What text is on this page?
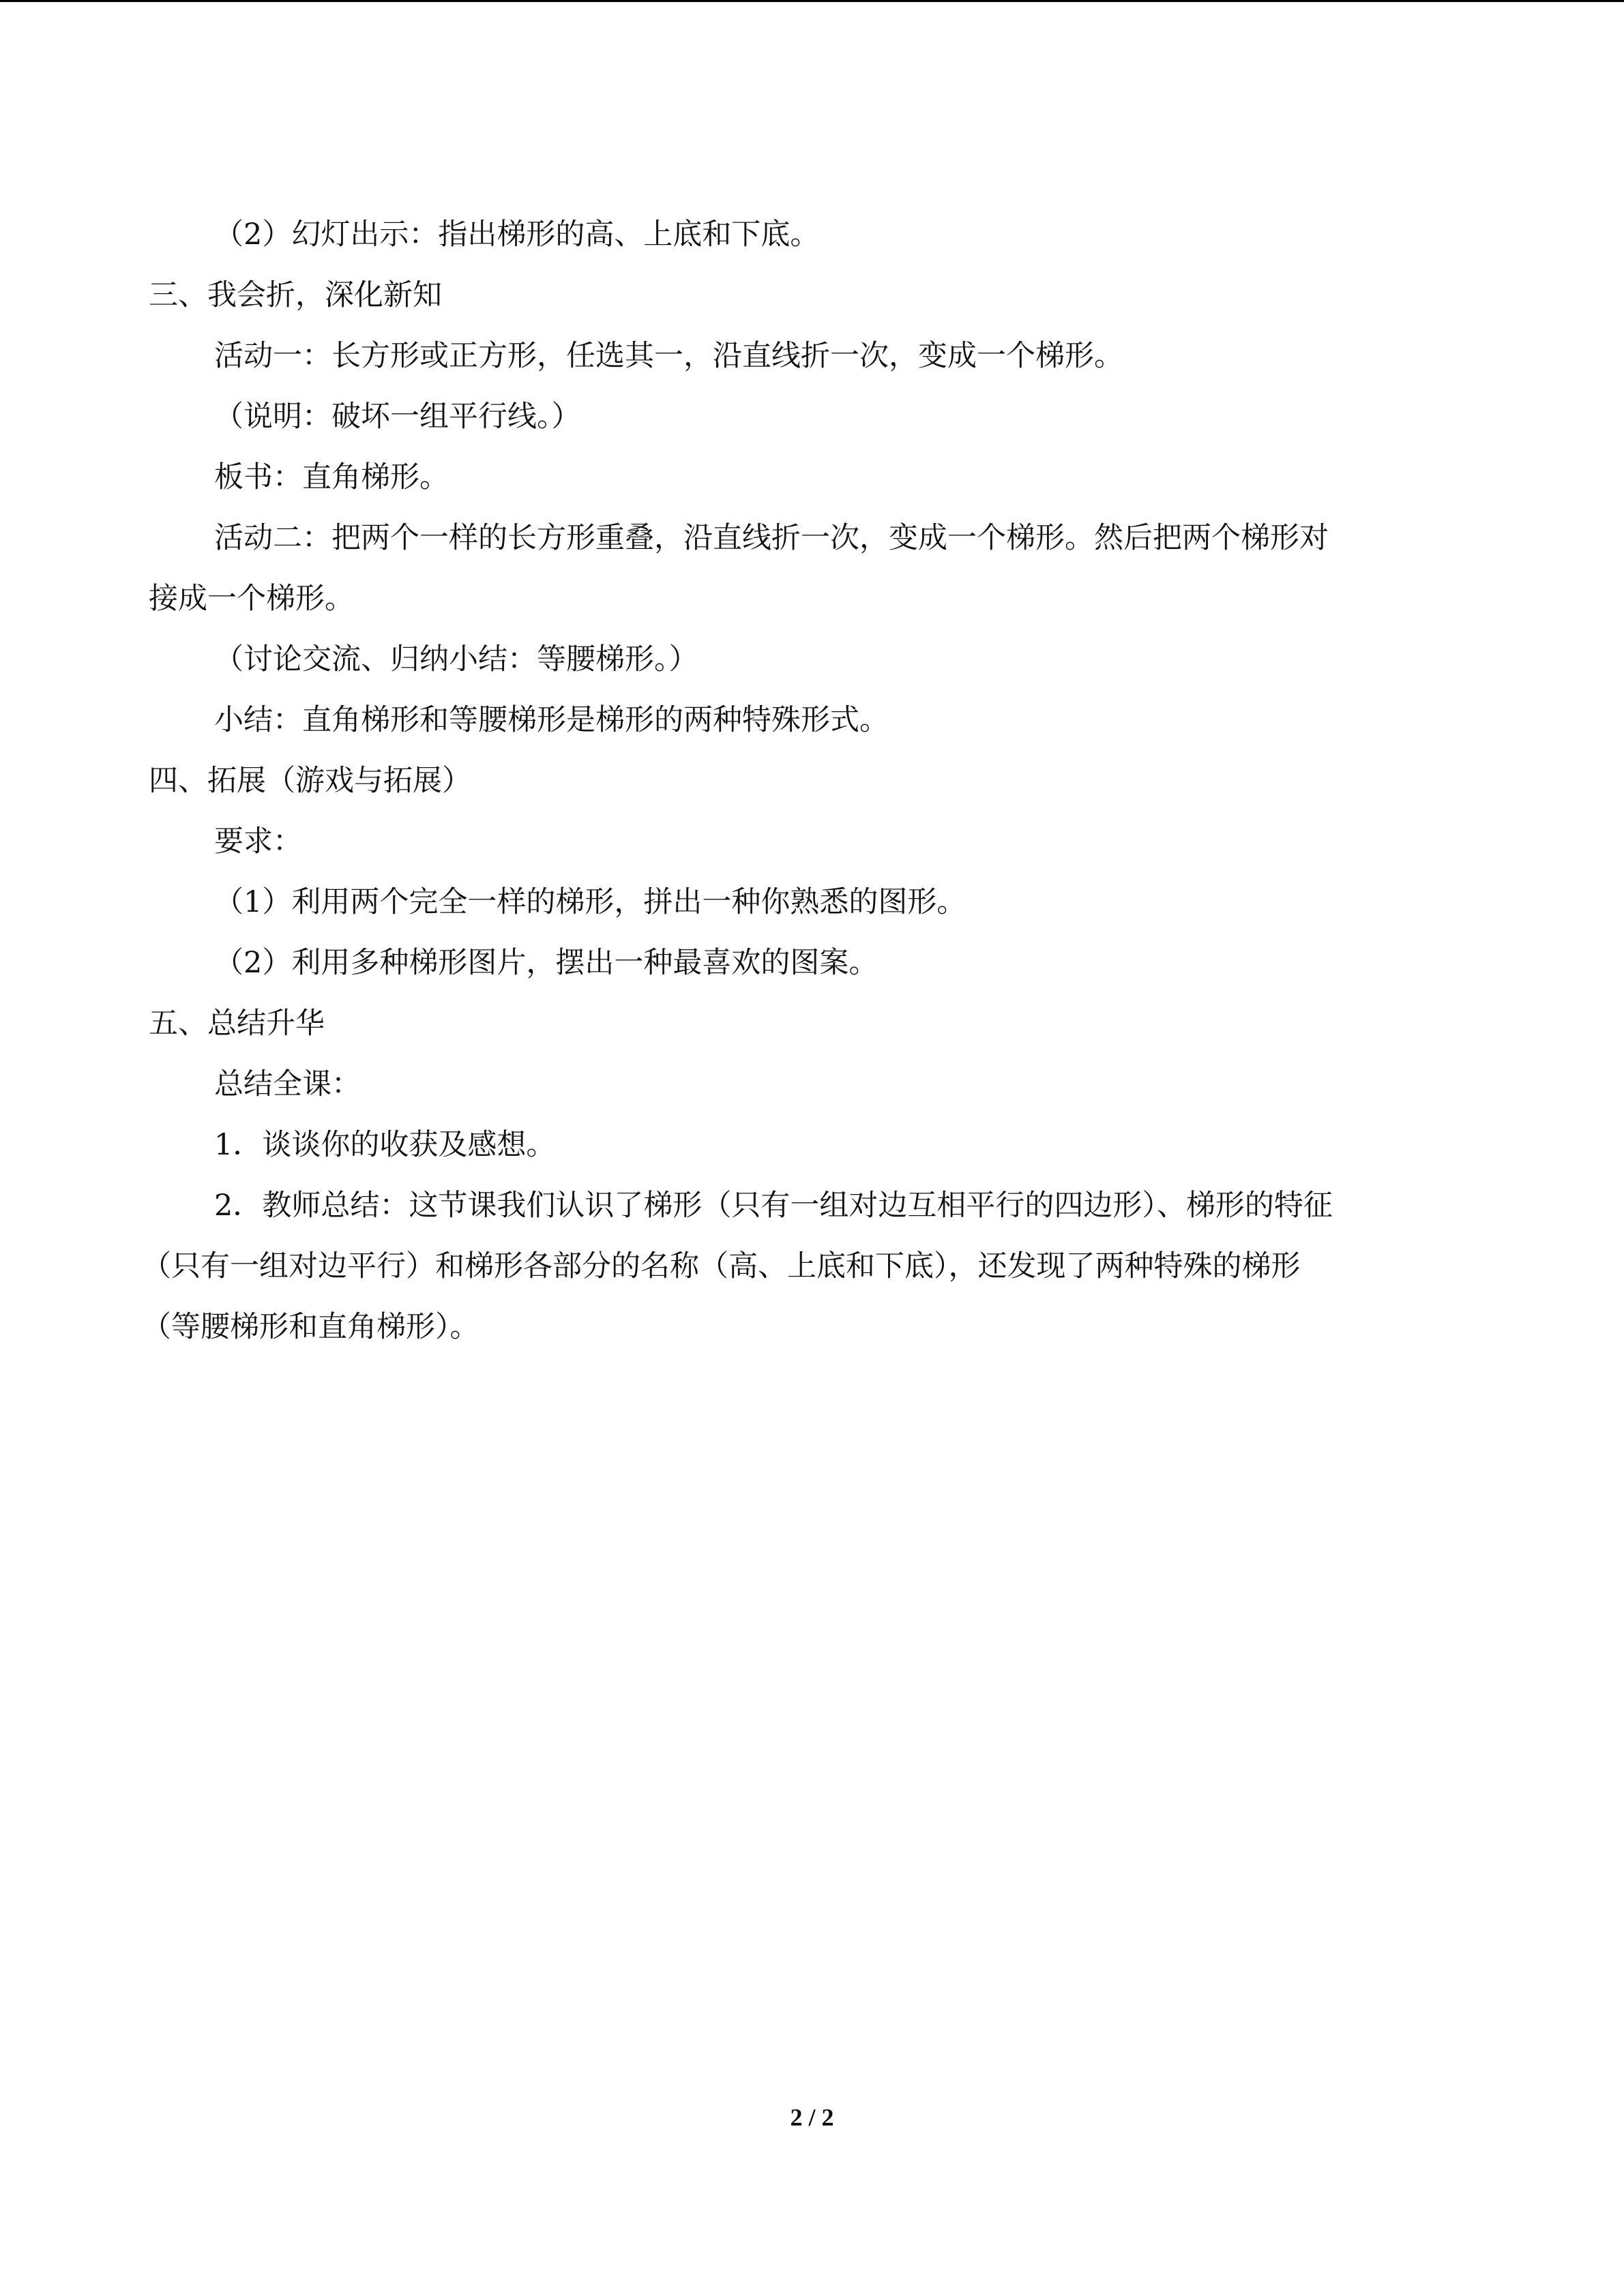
（2）幻灯出示：指出梯形的高、上底和下底。
三、我会折，深化新知
活动一：长方形或正方形，任选其一，沿直线折一次，变成一个梯形。
（说明：破坏一组平行线。）
板书：直角梯形。
活动二：把两个一样的长方形重叠，沿直线折一次，变成一个梯形。然后把两个梯形对
接成一个梯形。
（讨论交流、归纳小结：等腰梯形。）
小结：直角梯形和等腰梯形是梯形的两种特殊形式。
四、拓展（游戏与拓展）
要求：
（1）利用两个完全一样的梯形，拼出一种你熟悉的图形。
（2）利用多种梯形图片，摆出一种最喜欢的图案。
五、总结升华
总结全课：
1．谈谈你的收获及感想。
2．教师总结：这节课我们认识了梯形（只有一组对边互相平行的四边形）、梯形的特征
（只有一组对边平行）和梯形各部分的名称（高、上底和下底），还发现了两种特殊的梯形
（等腰梯形和直角梯形）。
2 / 2
